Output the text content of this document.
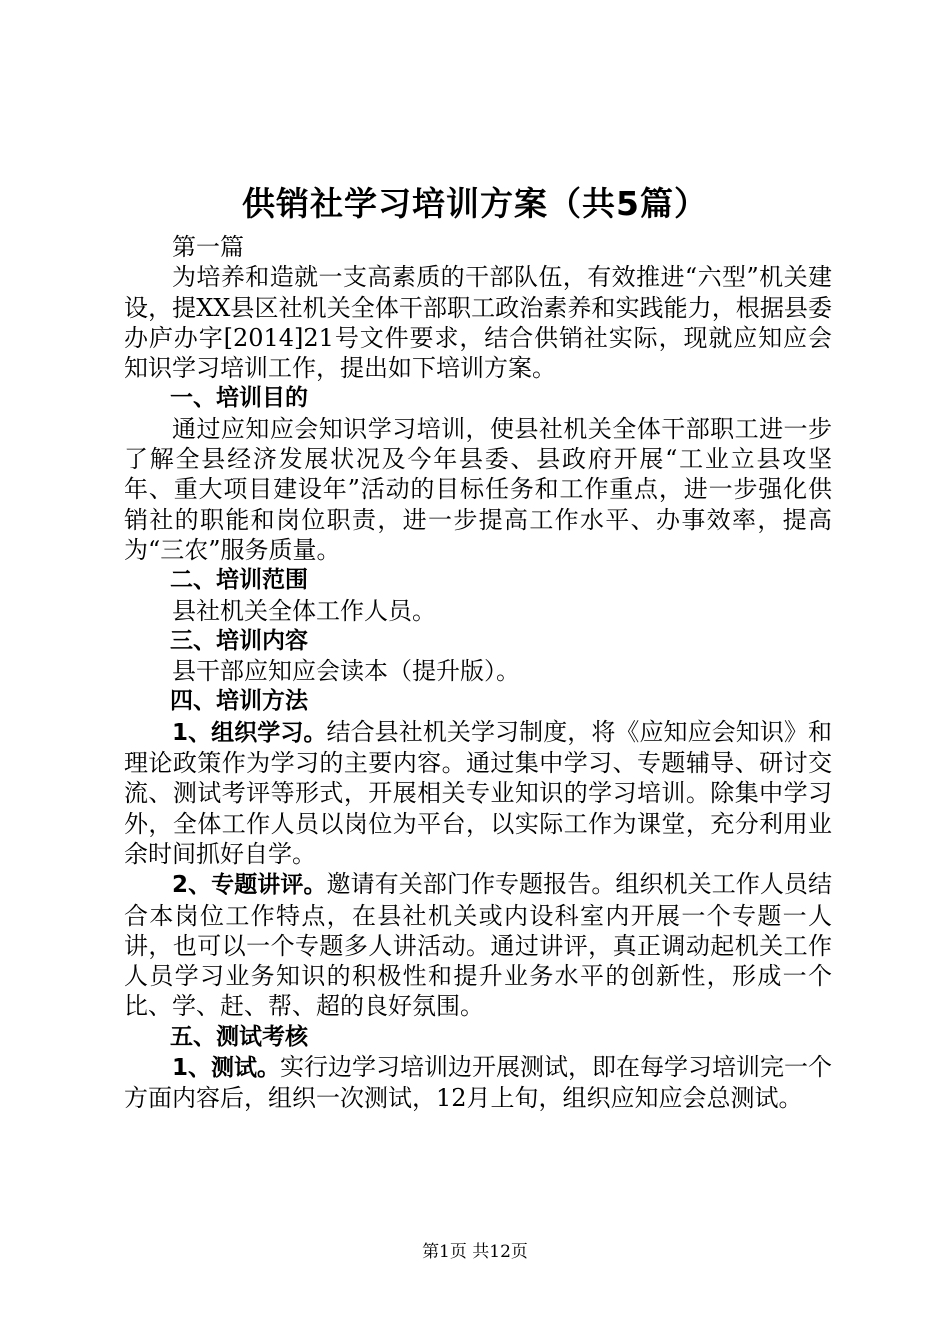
供销社学习培训方案（共5篇）

第一篇

为培养和造就一支高素质的干部队伍，有效推进“六型”机关建设，提XX县区社机关全体干部职工政治素养和实践能力，根据县委办庐办字[2014]21号文件要求，结合供销社实际，现就应知应会知识学习培训工作，提出如下培训方案。

一、培训目的

通过应知应会知识学习培训，使县社机关全体干部职工进一步了解全县经济发展状况及今年县委、县政府开展“工业立县攻坚年、重大项目建设年”活动的目标任务和工作重点，进一步强化供销社的职能和岗位职责，进一步提高工作水平、办事效率，提高为“三农”服务质量。

二、培训范围

县社机关全体工作人员。

三、培训内容

县干部应知应会读本（提升版）。

四、培训方法

1、组织学习。结合县社机关学习制度，将《应知应会知识》和理论政策作为学习的主要内容。通过集中学习、专题辅导、研讨交流、测试考评等形式，开展相关专业知识的学习培训。除集中学习外，全体工作人员以岗位为平台，以实际工作为课堂，充分利用业余时间抓好自学。

2、专题讲评。邀请有关部门作专题报告。组织机关工作人员结合本岗位工作特点，在县社机关或内设科室内开展一个专题一人讲，也可以一个专题多人讲活动。通过讲评，真正调动起机关工作人员学习业务知识的积极性和提升业务水平的创新性，形成一个比、学、赶、帮、超的良好氛围。

五、测试考核

1、测试。实行边学习培训边开展测试，即在每学习培训完一个方面内容后，组织一次测试，12月上旬，组织应知应会总测试。

第1页 共12页
